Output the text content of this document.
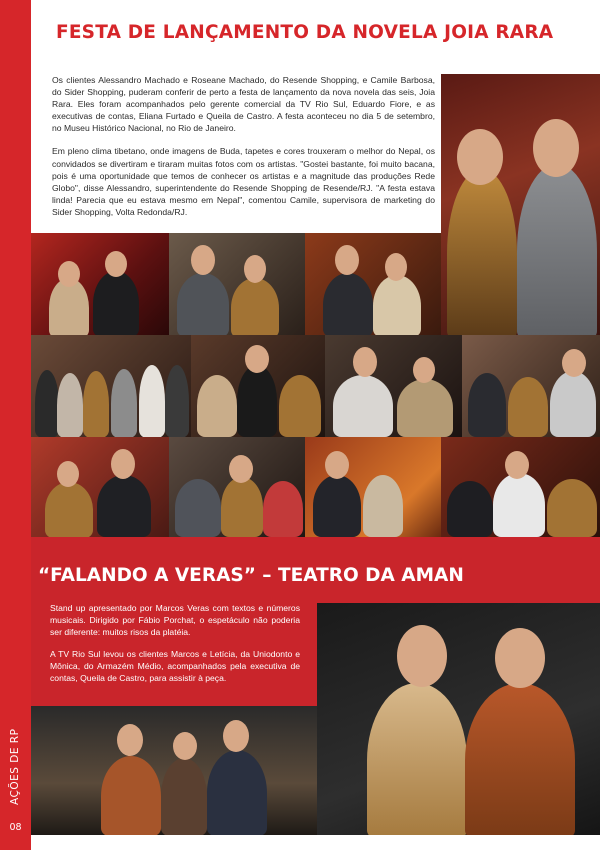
AÇÕES DE RP
08
FESTA DE LANÇAMENTO DA NOVELA JOIA RARA

Os clientes Alessandro Machado e Roseane Machado, do Resende Shopping, e Camile Barbosa, do Sider Shopping, puderam conferir de perto a festa de lançamento da nova novela das seis, Joia Rara. Eles foram acompanhados pelo gerente comercial da TV Rio Sul, Eduardo Fiore, e as executivas de contas, Eliana Furtado e Queila de Castro. A festa aconteceu no dia 5 de setembro, no Museu Histórico Nacional, no Rio de Janeiro.

Em pleno clima tibetano, onde imagens de Buda, tapetes e cores trouxeram o melhor do Nepal, os convidados se divertiram e tiraram muitas fotos com os artistas. "Gostei bastante, foi muito bacana, pois é uma oportunidade que temos de conhecer os artistas e a magnitude das produções Rede Globo", disse Alessandro, superintendente do Resende Shopping de Resende/RJ. "A festa estava linda! Parecia que eu estava mesmo em Nepal", comentou Camile, supervisora de marketing do Sider Shopping, Volta Redonda/RJ.

“FALANDO A VERAS” – TEATRO DA AMAN

Stand up apresentado por Marcos Veras com textos e números musicais. Dirigido por Fábio Porchat, o espetáculo não poderia ser diferente: muitos risos da platéia.

A TV Rio Sul levou os clientes Marcos e Letícia, da Uniodonto e Mônica, do Armazém Médio, acompanhados pela executiva de contas, Queila de Castro, para assistir à peça.
